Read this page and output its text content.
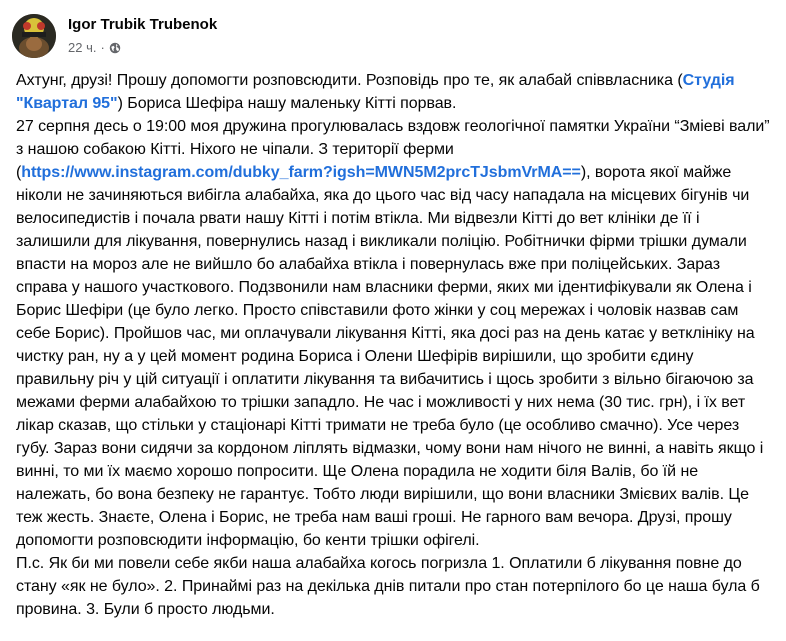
Igor Trubik Trubenok
22 ч. ·

Ахтунг, друзі! Прошу допомогти розповсюдити. Розповідь про те, як алабай співвласника (Студія "Квартал 95") Бориса Шефіра нашу маленьку Кітті порвав.

27 серпня десь о 19:00 моя дружина прогулювалась вздовж геологічної памятки України “Зміеві вали” з нашою собакою Кітті. Ніхого не чіпали. З території ферми (https://www.instagram.com/dubky_farm?igsh=MWN5M2prcTJsbmVrMA==), ворота якої майже ніколи не зачиняються вибігла алабайха, яка до цього час від часу нападала на місцевих бігунів чи велосипедистів і почала рвати нашу Кітті і потім втікла. Ми відвезли Кітті до вет клініки де її і залишили для лікування, повернулись назад і викликали поліцію. Робітнички фірми трішки думали впасти на мороз але не вийшло бо алабайха втікла і повернулась вже при поліцейських. Зараз справа у нашого участкового. Подзвонили нам власники ферми, яких ми ідентифікували як Олена і Борис Шефіри (це було легко. Просто співставили фото жінки у соц мережах і чоловік назвав сам себе Борис). Пройшов час, ми оплачували лікування Кітті, яка досі раз на день катає у ветклініку на чистку ран, ну а у цей момент родина Бориса і Олени Шефірів вирішили, що зробити єдину правильну річ у цій ситуації і оплатити лікування та вибачитись і щось зробити з вільно бігаючою за межами ферми алабайхою то трішки западло. Не час і можливості у них нема (30 тис. грн), і їх вет лікар сказав, що стільки у стаціонарі Кітті тримати не треба було (це особливо смачно). Усе через губу. Зараз вони сидячи за кордоном ліплять відмазки, чому вони нам нічого не винні, а навіть якщо і винні, то ми їх маємо хорошо попросити. Ще Олена порадила не ходити біля Валів, бо їй не належать, бо вона безпеку не гарантує. Тобто люди вирішили, що вони власники Змієвих валів. Це теж жесть. Знаєте, Олена і Борис, не треба нам ваші гроші. Не гарного вам вечора. Друзі, прошу допомогти розповсюдити інформацію, бо кенти трішки офігелі.

П.с. Як би ми повели себе якби наша алабайха когось погризла 1. Оплатили б лікування повне до стану «як не було». 2. Принаймі раз на декілька днів питали про стан потерпілого бо це наша була б провина. 3. Були б просто людьми.
